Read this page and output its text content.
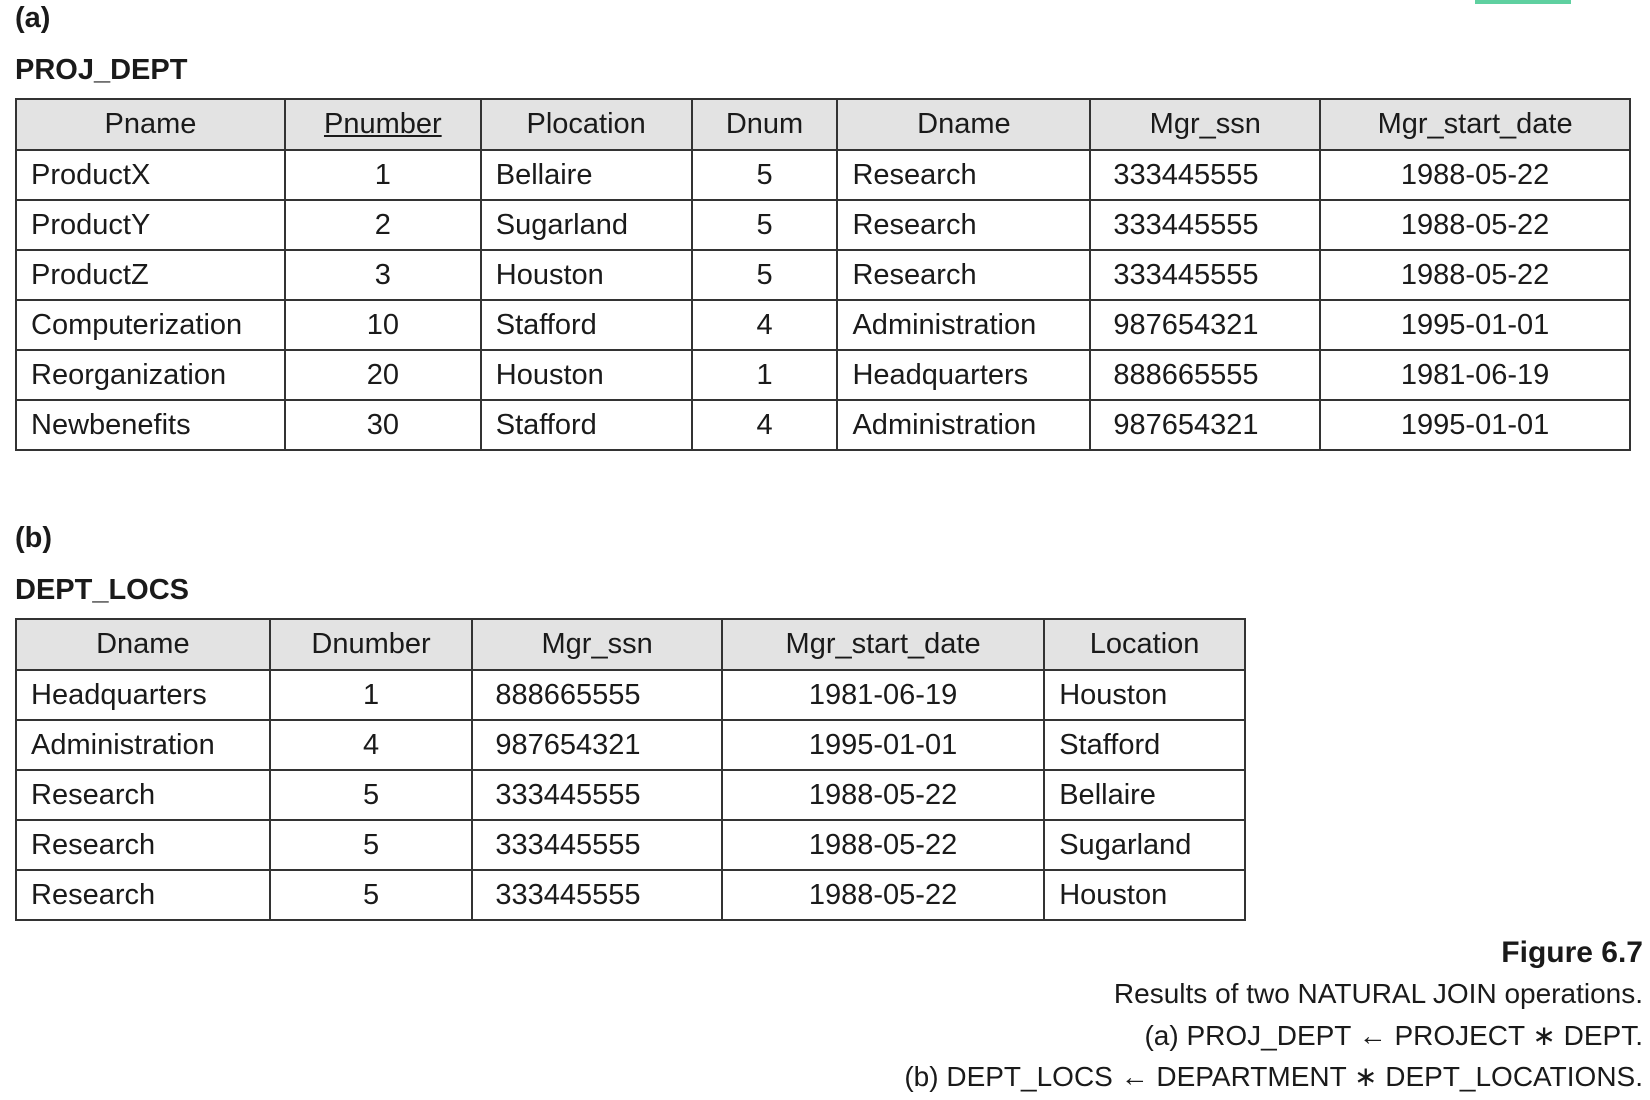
(a)
PROJ_DEPT
Pname	Pnumber	Plocation	Dnum	Dname	Mgr_ssn	Mgr_start_date
ProductX	1	Bellaire	5	Research	333445555	1988-05-22
ProductY	2	Sugarland	5	Research	333445555	1988-05-22
ProductZ	3	Houston	5	Research	333445555	1988-05-22
Computerization	10	Stafford	4	Administration	987654321	1995-01-01
Reorganization	20	Houston	1	Headquarters	888665555	1981-06-19
Newbenefits	30	Stafford	4	Administration	987654321	1995-01-01
(b)
DEPT_LOCS
Dname	Dnumber	Mgr_ssn	Mgr_start_date	Location
Headquarters	1	888665555	1981-06-19	Houston
Administration	4	987654321	1995-01-01	Stafford
Research	5	333445555	1988-05-22	Bellaire
Research	5	333445555	1988-05-22	Sugarland
Research	5	333445555	1988-05-22	Houston
Figure 6.7
Results of two NATURAL JOIN operations.
(a) PROJ_DEPT ← PROJECT ∗ DEPT.
(b) DEPT_LOCS ← DEPARTMENT ∗ DEPT_LOCATIONS.
